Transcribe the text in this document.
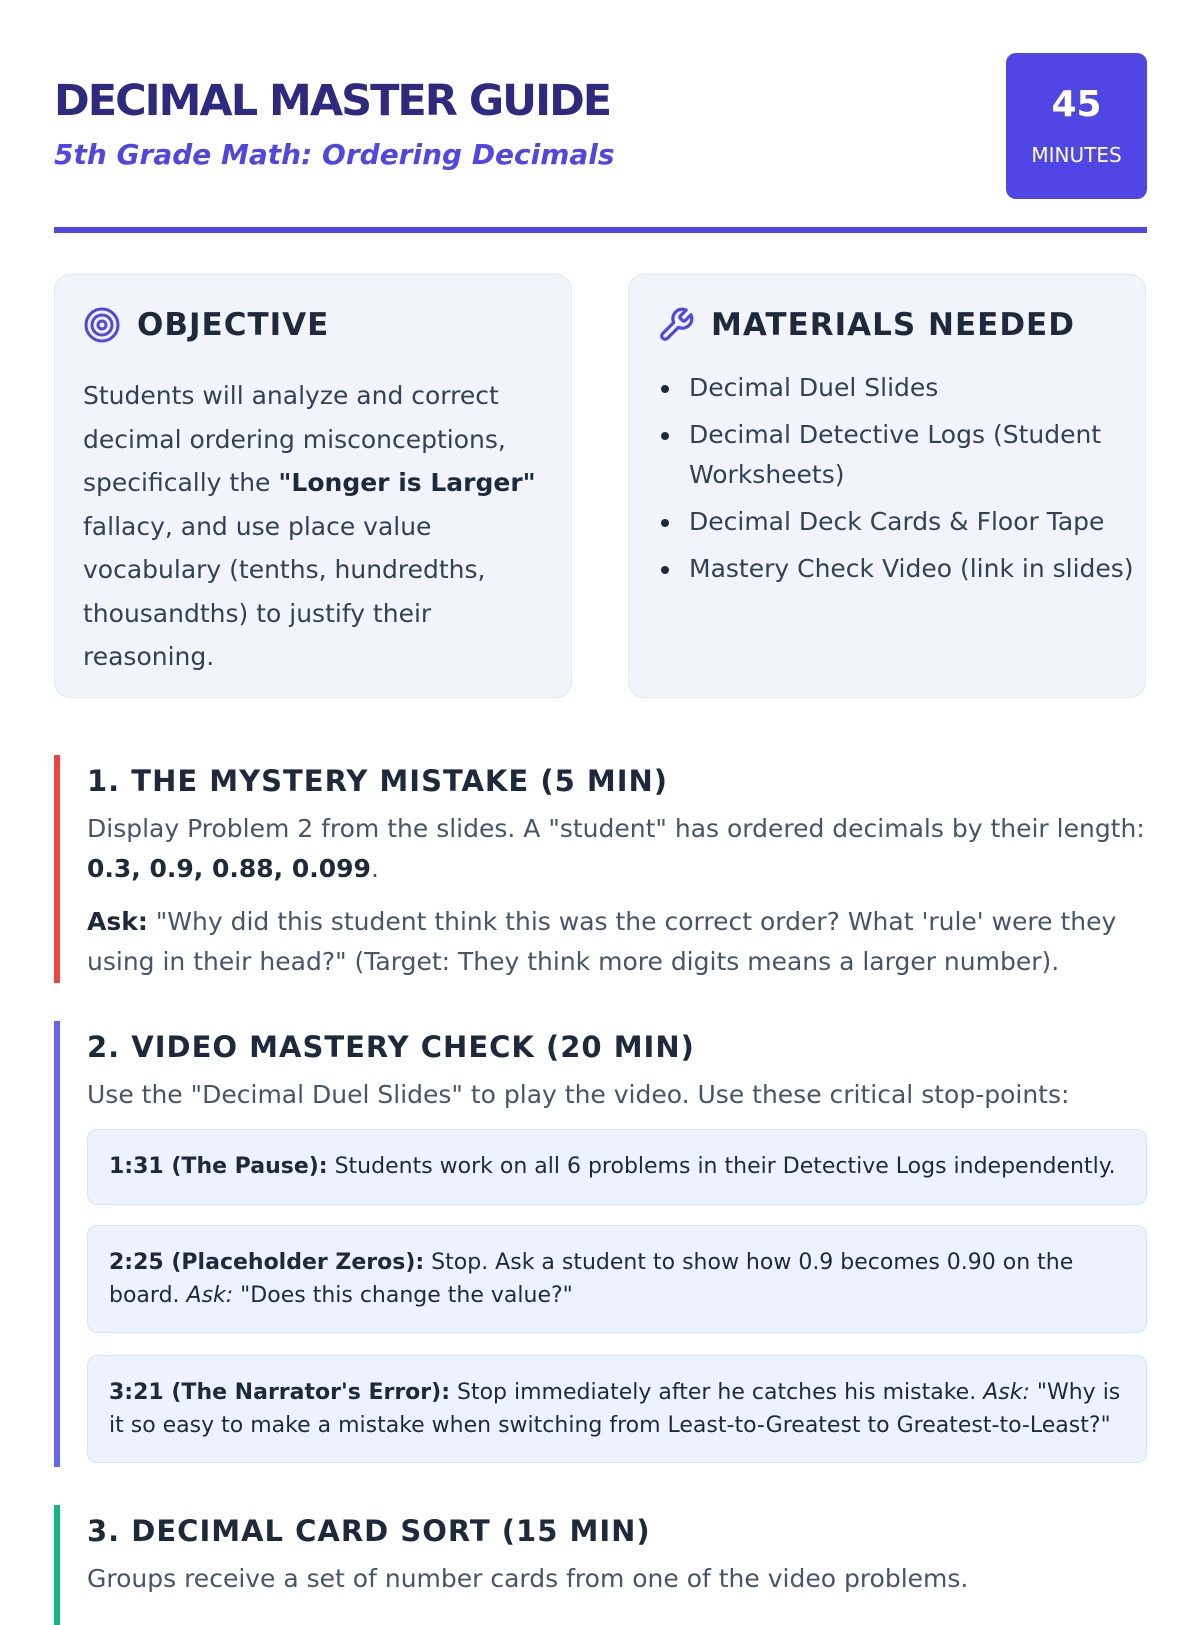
DECIMAL MASTER GUIDE
5th Grade Math: Ordering Decimals
45
MINUTES
OBJECTIVE

Students will analyze and correct decimal ordering misconceptions, specifically the "Longer is Larger" fallacy, and use place value vocabulary (tenths, hundredths, thousandths) to justify their reasoning.

MATERIALS NEEDED
Decimal Duel Slides
Decimal Detective Logs (Student Worksheets)
Decimal Deck Cards & Floor Tape
Mastery Check Video (link in slides)
1. THE MYSTERY MISTAKE (5 MIN)

Display Problem 2 from the slides. A "student" has ordered decimals by their length: 0.3, 0.9, 0.88, 0.099.

Ask: "Why did this student think this was the correct order? What 'rule' were they using in their head?" (Target: They think more digits means a larger number).

2. VIDEO MASTERY CHECK (20 MIN)

Use the "Decimal Duel Slides" to play the video. Use these critical stop-points:

1:31 (The Pause): Students work on all 6 problems in their Detective Logs independently.
2:25 (Placeholder Zeros): Stop. Ask a student to show how 0.9 becomes 0.90 on the board. Ask: "Does this change the value?"
3:21 (The Narrator's Error): Stop immediately after he catches his mistake. Ask: "Why is it so easy to make a mistake when switching from Least-to-Greatest to Greatest-to-Least?"
3. DECIMAL CARD SORT (15 MIN)

Groups receive a set of number cards from one of the video problems.
